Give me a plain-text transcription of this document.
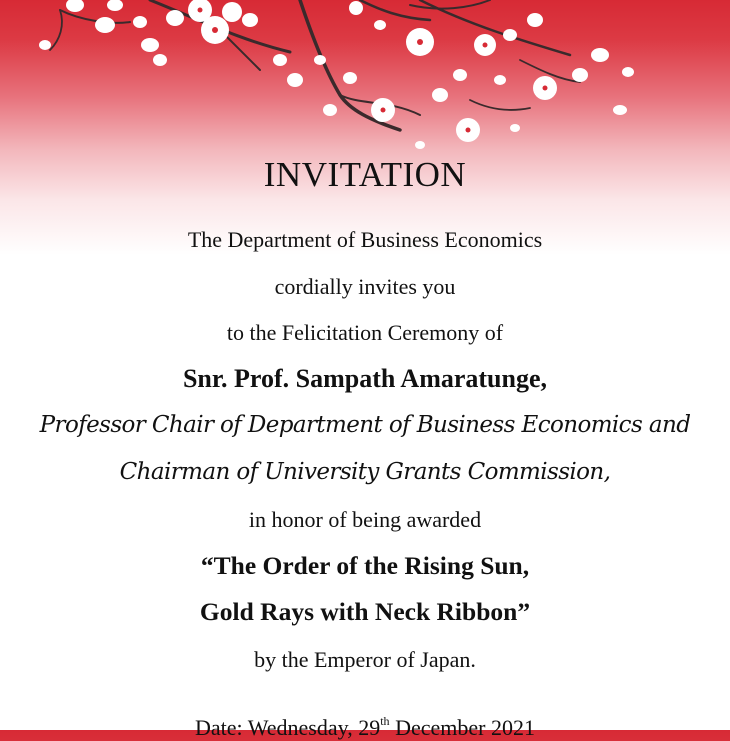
INVITATION
The Department of Business Economics
cordially invites you
to the Felicitation Ceremony of
Snr. Prof. Sampath Amaratunge,
Professor Chair of Department of Business Economics and
Chairman of University Grants Commission,
in honor of being awarded
“The Order of the Rising Sun,
Gold Rays with Neck Ribbon”
by the Emperor of Japan.
Date: Wednesday, 29th December 2021
